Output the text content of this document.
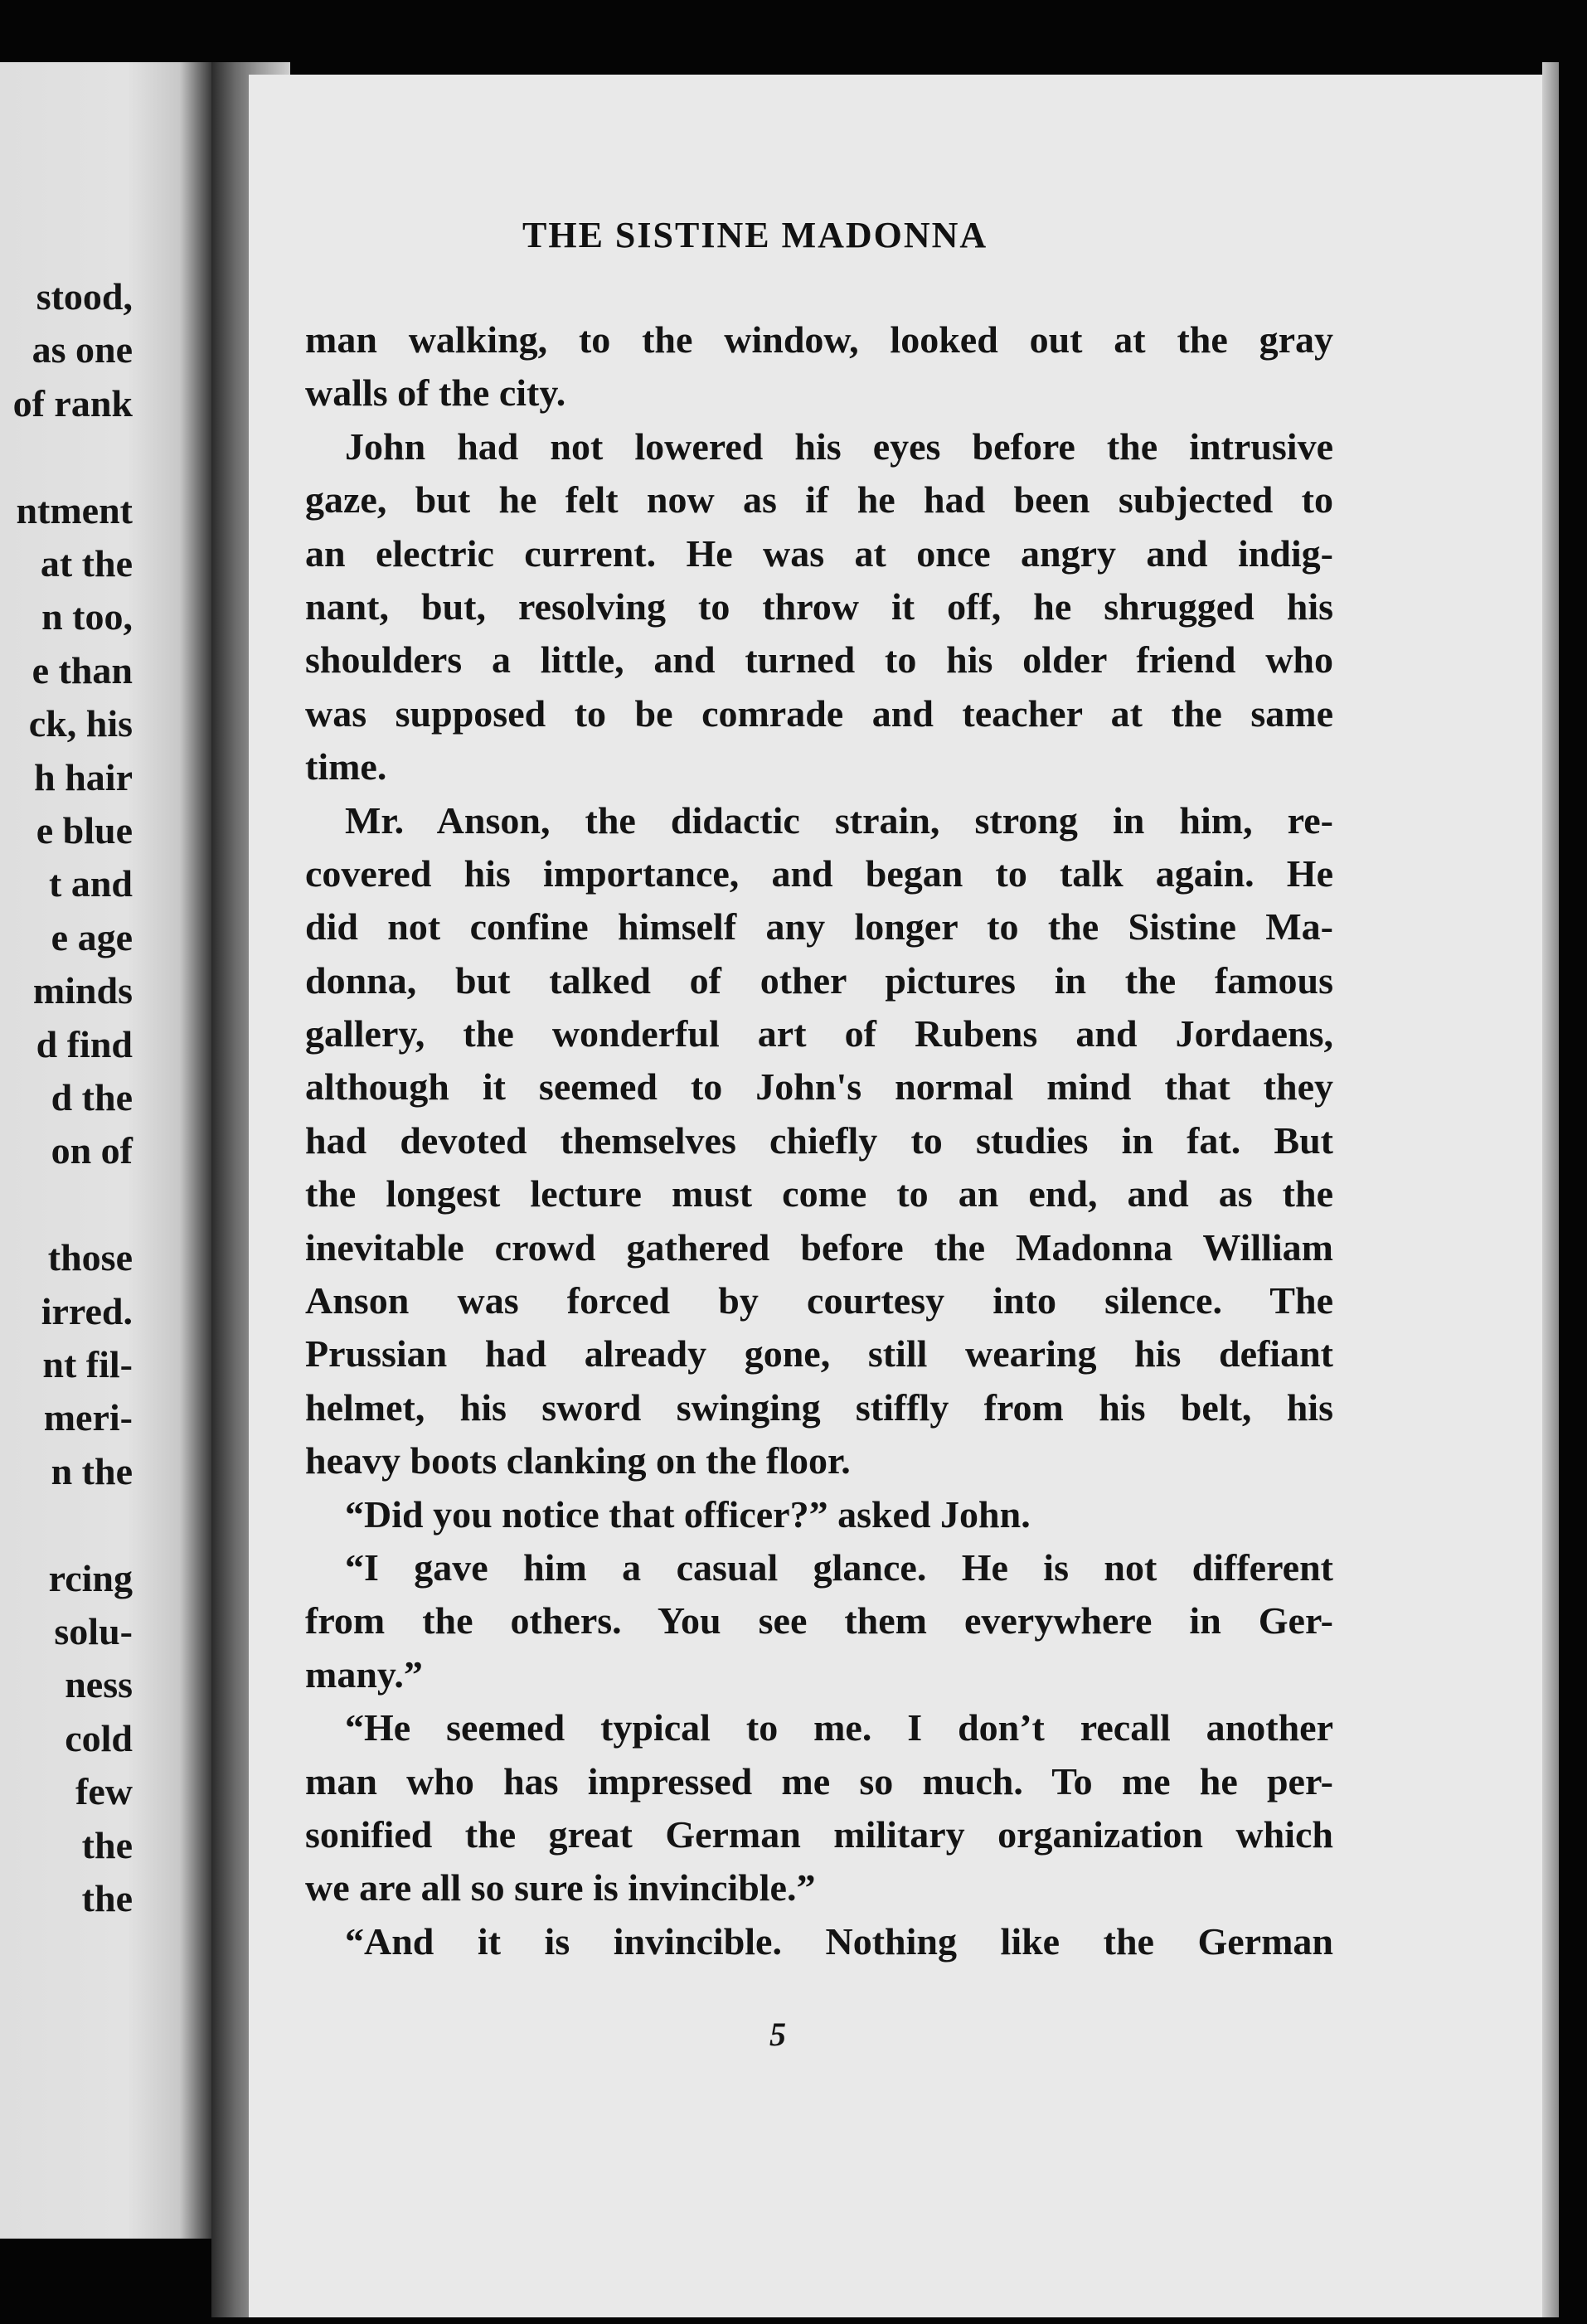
stood,
as one
of rank
ntment
at the
n too,
e than
ck, his
h hair
e blue
t and
e age
minds
d find
d the
on of
those
irred.
nt fil-
meri-
n the
rcing
solu-
ness
cold
few
the
the
THE SISTINE MADONNA
man walking, to the window, looked out at the gray
walls of the city.
John had not lowered his eyes before the intrusive
gaze, but he felt now as if he had been subjected to
an electric current. He was at once angry and indig-
nant, but, resolving to throw it off, he shrugged his
shoulders a little, and turned to his older friend who
was supposed to be comrade and teacher at the same
time.
Mr. Anson, the didactic strain, strong in him, re-
covered his importance, and began to talk again. He
did not confine himself any longer to the Sistine Ma-
donna, but talked of other pictures in the famous
gallery, the wonderful art of Rubens and Jordaens,
although it seemed to John's normal mind that they
had devoted themselves chiefly to studies in fat. But
the longest lecture must come to an end, and as the
inevitable crowd gathered before the Madonna William
Anson was forced by courtesy into silence. The
Prussian had already gone, still wearing his defiant
helmet, his sword swinging stiffly from his belt, his
heavy boots clanking on the floor.
“Did you notice that officer?” asked John.
“I gave him a casual glance. He is not different
from the others. You see them everywhere in Ger-
many.”
“He seemed typical to me. I don’t recall another
man who has impressed me so much. To me he per-
sonified the great German military organization which
we are all so sure is invincible.”
“And it is invincible. Nothing like the German
5
